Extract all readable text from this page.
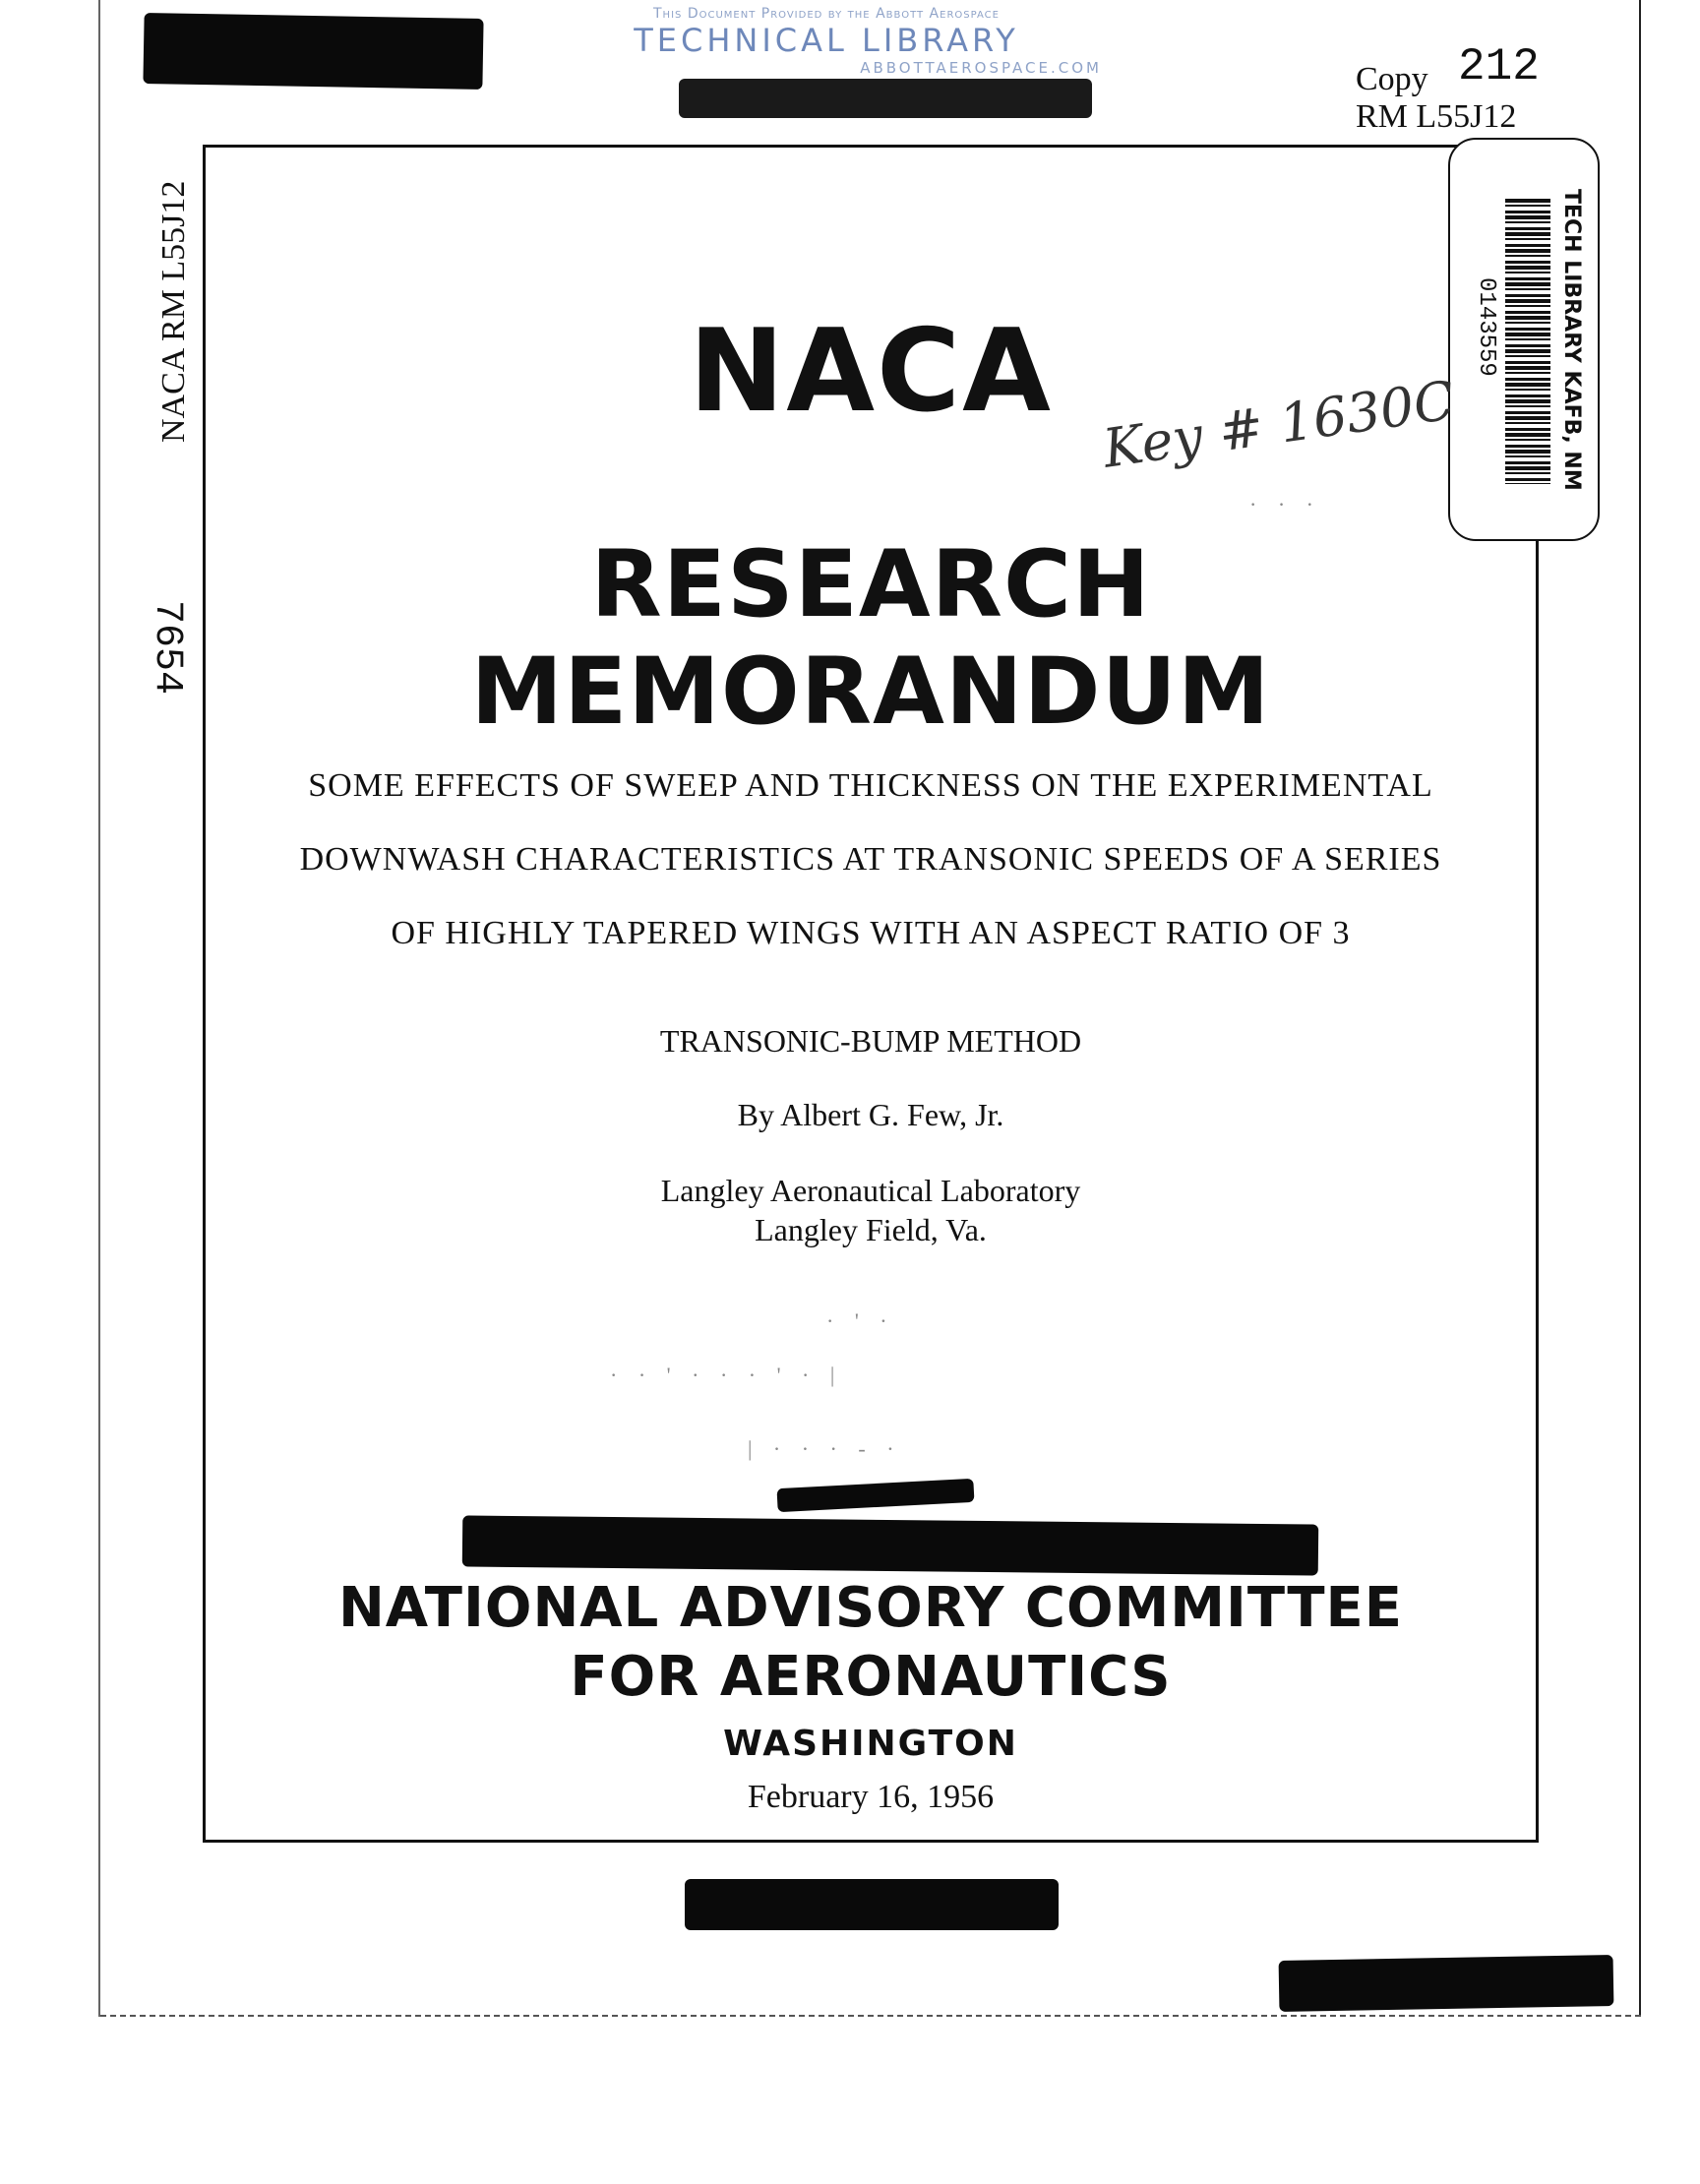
This Document Provided by the Abbott Aerospace
TECHNICAL LIBRARY
ABBOTTAEROSPACE.COM	Copy 212
RM L55J12
NACA RM L55J12
7654
TECH LIBRARY KAFB, NM
0143559
Key # 1630C
· · ·
NACA
RESEARCH MEMORANDUM
SOME EFFECTS OF SWEEP AND THICKNESS ON THE EXPERIMENTAL
DOWNWASH CHARACTERISTICS AT TRANSONIC SPEEDS OF A SERIES
OF HIGHLY TAPERED WINGS WITH AN ASPECT RATIO OF 3
TRANSONIC-BUMP METHOD
By Albert G. Few, Jr.
Langley Aeronautical Laboratory
Langley Field, Va.
· ' ·
· · ' · · · ' · |
| · · · - ·
NATIONAL ADVISORY COMMITTEE
FOR AERONAUTICS
WASHINGTON
February 16, 1956
